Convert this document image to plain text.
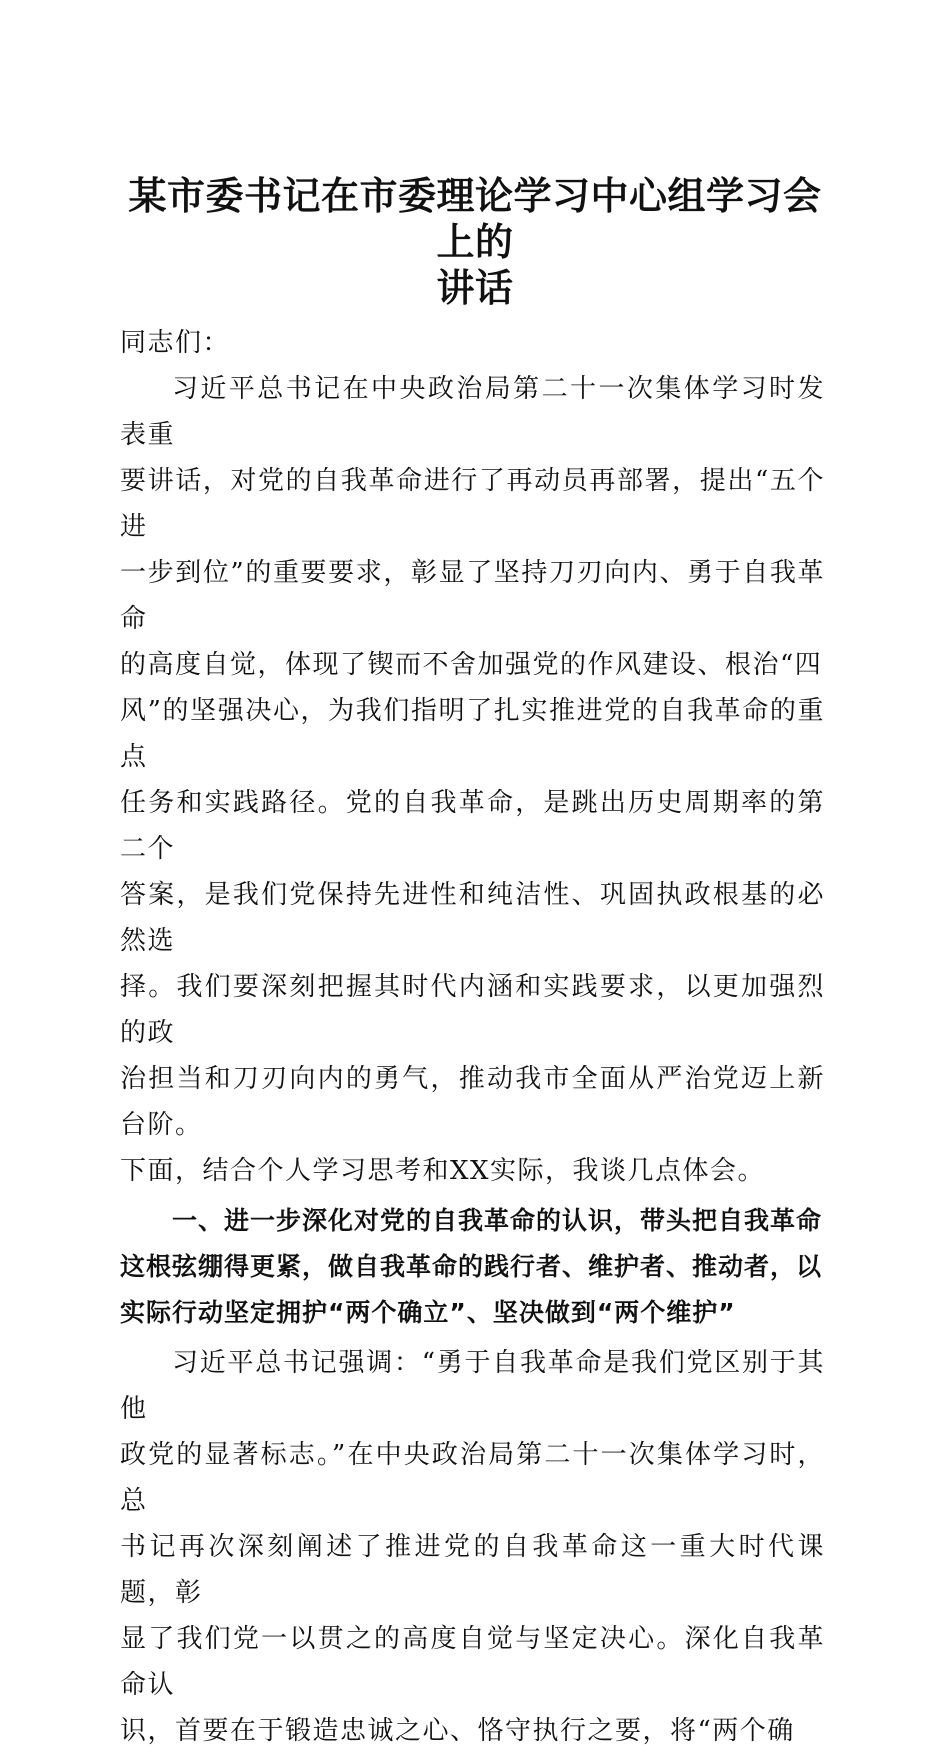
某市委书记在市委理论学习中心组学习会上的
讲话
同志们：
习近平总书记在中央政治局第二十一次集体学习时发表重
要讲话，对党的自我革命进行了再动员再部署，提出“五个进
一步到位”的重要要求，彰显了坚持刀刃向内、勇于自我革命
的高度自觉，体现了锲而不舍加强党的作风建设、根治“四
风”的坚强决心，为我们指明了扎实推进党的自我革命的重点
任务和实践路径。党的自我革命，是跳出历史周期率的第二个
答案，是我们党保持先进性和纯洁性、巩固执政根基的必然选
择。我们要深刻把握其时代内涵和实践要求，以更加强烈的政
治担当和刀刃向内的勇气，推动我市全面从严治党迈上新台阶。
下面，结合个人学习思考和XX实际，我谈几点体会。
一、进一步深化对党的自我革命的认识，带头把自我革命
这根弦绷得更紧，做自我革命的践行者、维护者、推动者，以
实际行动坚定拥护“两个确立”、坚决做到“两个维护”
习近平总书记强调：“勇于自我革命是我们党区别于其他
政党的显著标志。”在中央政治局第二十一次集体学习时，总
书记再次深刻阐述了推进党的自我革命这一重大时代课题，彰
显了我们党一以贯之的高度自觉与坚定决心。深化自我革命认
识，首要在于锻造忠诚之心、恪守执行之要，将“两个确
